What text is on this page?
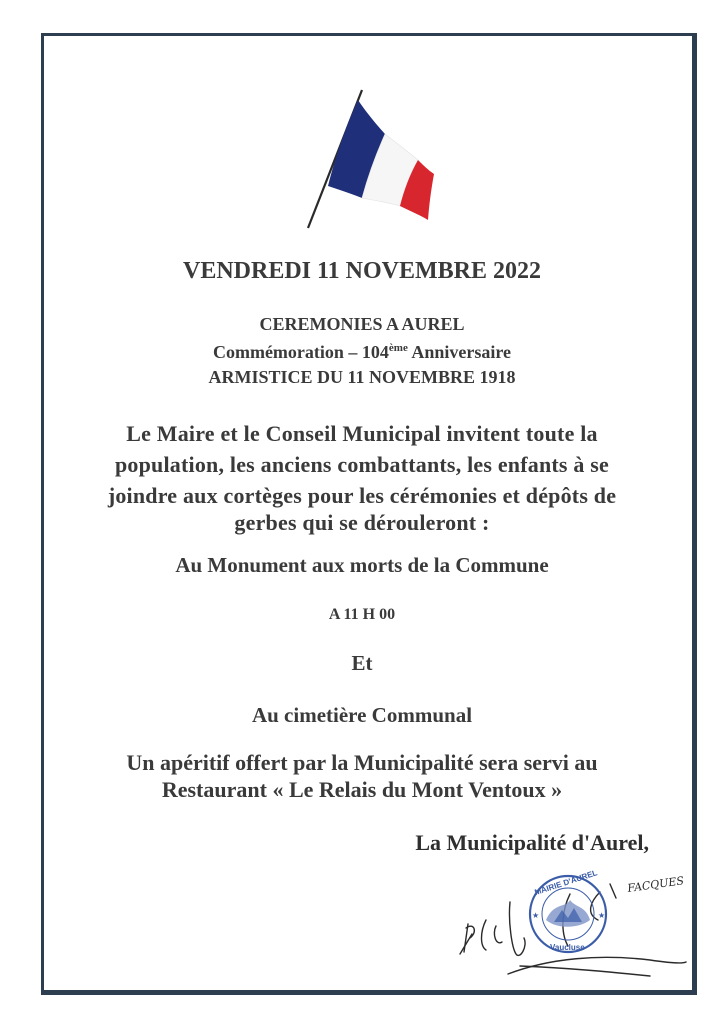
VENDREDI 11 NOVEMBRE 2022
CEREMONIES A AUREL
Commémoration – 104ème Anniversaire
ARMISTICE DU 11 NOVEMBRE 1918
Le Maire et le Conseil Municipal invitent toute la
population, les anciens combattants, les enfants à se
joindre aux cortèges pour les cérémonies et dépôts de
gerbes qui se dérouleront :
Au Monument aux morts de la Commune
A 11 H 00
Et
Au cimetière Communal
Un apéritif offert par la Municipalité sera servi au
Restaurant « Le Relais du Mont Ventoux »
La Municipalité d'Aurel,
FACQUES
MAIRIE D'AUREL
Vaucluse
★	★
